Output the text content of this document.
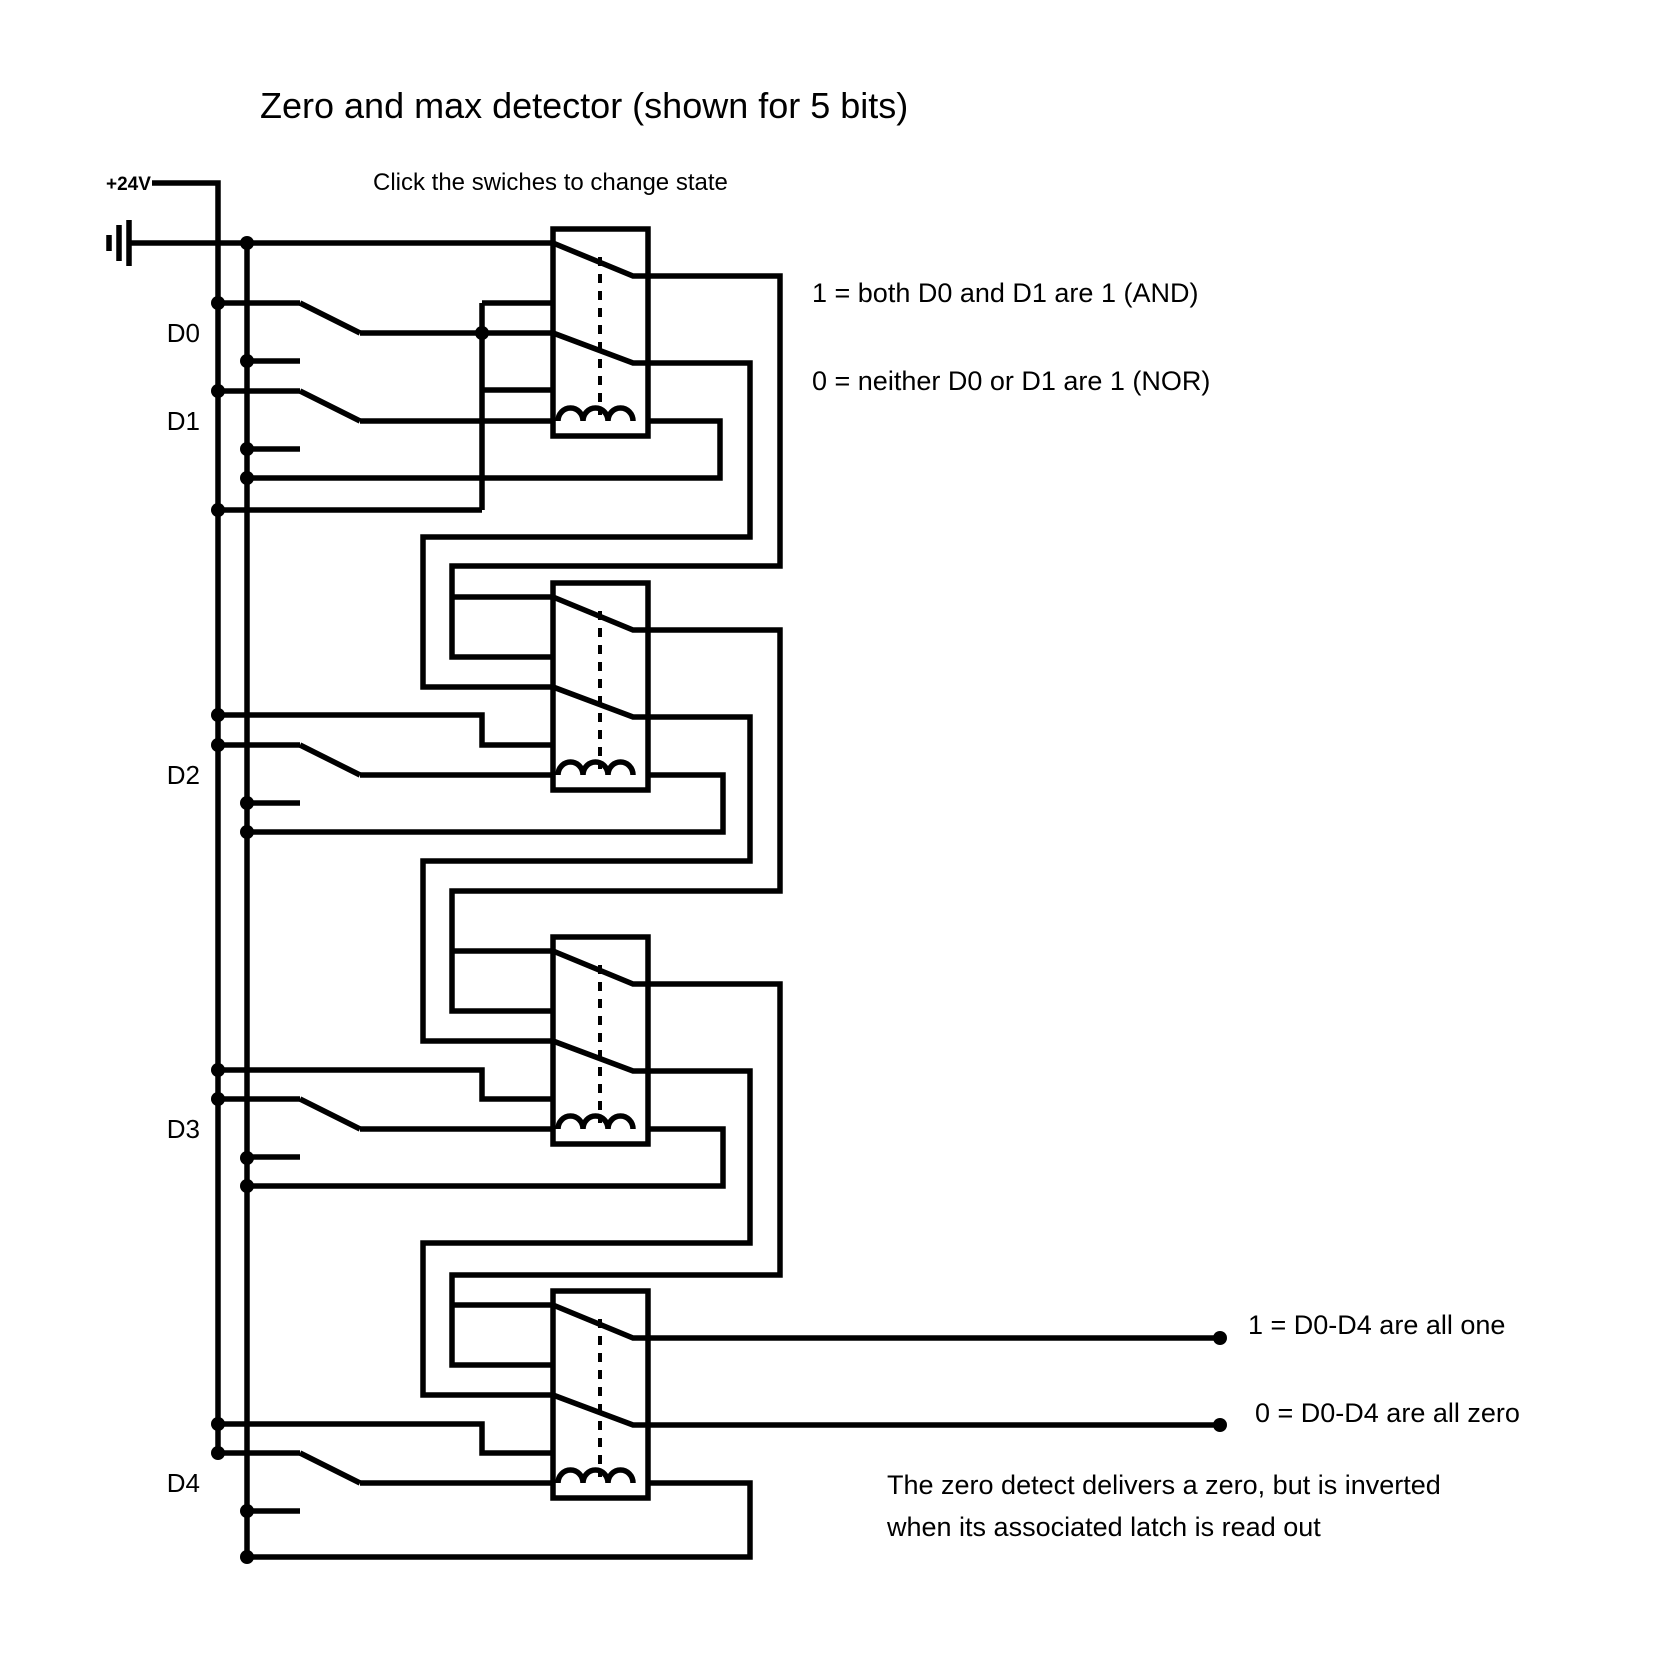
Zero and max detector (shown for 5 bits)
Click the swiches to change state
+24V
D0
D1
D2
D3
D4
1 = both D0 and D1 are 1 (AND)
0 = neither D0 or D1 are 1 (NOR)
1 = D0-D4 are all one
0 = D0-D4 are all zero
The zero detect delivers a zero, but is inverted
when its associated latch is read out
